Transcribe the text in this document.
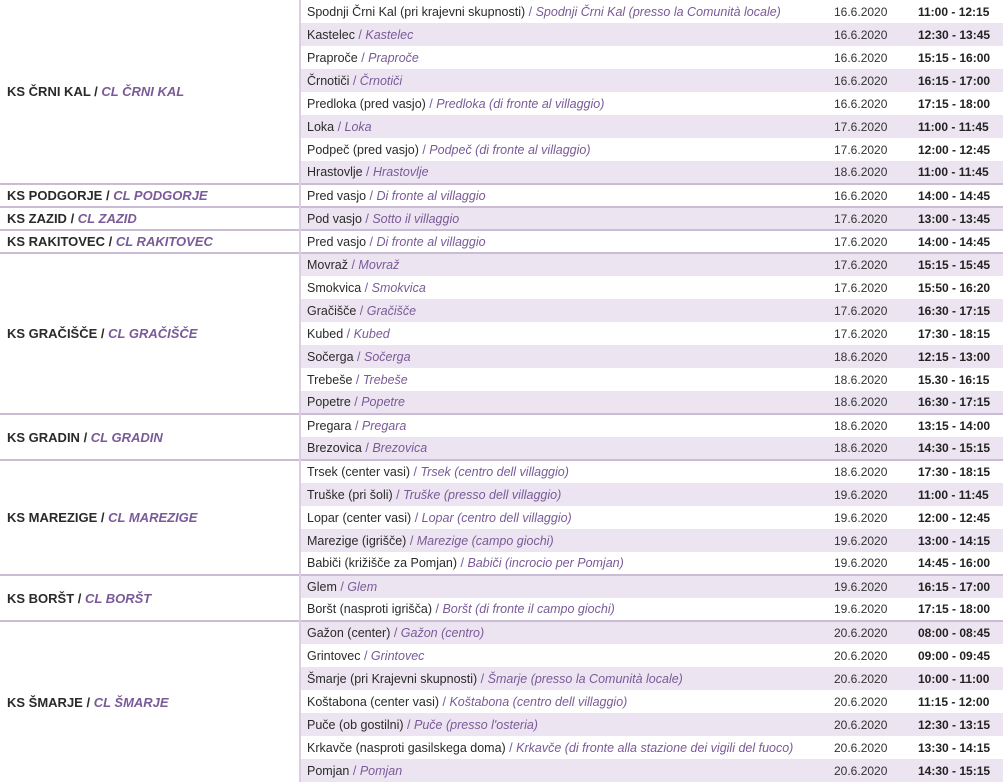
KS ČRNI KAL / CL ČRNI KAL	Spodnji Črni Kal (pri krajevni skupnosti) / Spodnji Črni Kal (presso la Comunità locale)	16.6.2020	11:00 - 12:15
	Kastelec / Kastelec	16.6.2020	12:30 - 13:45
	Praproče / Praproče	16.6.2020	15:15 - 16:00
	Črnotiči / Črnotiči	16.6.2020	16:15 - 17:00
	Predloka (pred vasjo) / Predloka (di fronte al villaggio)	16.6.2020	17:15 - 18:00
	Loka / Loka	17.6.2020	11:00 - 11:45
	Podpeč (pred vasjo) / Podpeč (di fronte al villaggio)	17.6.2020	12:00 - 12:45
	Hrastovlje / Hrastovlje	18.6.2020	11:00 - 11:45
KS PODGORJE / CL PODGORJE	Pred vasjo / Di fronte al villaggio	16.6.2020	14:00 - 14:45
KS ZAZID / CL ZAZID	Pod vasjo / Sotto il villaggio	17.6.2020	13:00 - 13:45
KS RAKITOVEC / CL RAKITOVEC	Pred vasjo / Di fronte al villaggio	17.6.2020	14:00 - 14:45
KS GRAČIŠČE / CL GRAČIŠČE	Movraž / Movraž	17.6.2020	15:15 - 15:45
	Smokvica / Smokvica	17.6.2020	15:50 - 16:20
	Gračišče / Gračišče	17.6.2020	16:30 - 17:15
	Kubed / Kubed	17.6.2020	17:30 - 18:15
	Sočerga / Sočerga	18.6.2020	12:15 - 13:00
	Trebeše / Trebeše	18.6.2020	15.30 - 16:15
	Popetre / Popetre	18.6.2020	16:30 - 17:15
KS GRADIN / CL GRADIN	Pregara / Pregara	18.6.2020	13:15 - 14:00
	Brezovica / Brezovica	18.6.2020	14:30 - 15:15
KS MAREZIGE / CL MAREZIGE	Trsek (center vasi) / Trsek (centro dell villaggio)	18.6.2020	17:30 - 18:15
	Truške (pri šoli) / Truške (presso dell villaggio)	19.6.2020	11:00 - 11:45
	Lopar (center vasi) / Lopar (centro dell villaggio)	19.6.2020	12:00 - 12:45
	Marezige (igrišče) / Marezige (campo giochi)	19.6.2020	13:00 - 14:15
	Babiči (križišče za Pomjan) / Babiči (incrocio per Pomjan)	19.6.2020	14:45 - 16:00
KS BORŠT / CL BORŠT	Glem / Glem	19.6.2020	16:15 - 17:00
	Boršt (nasproti igrišča) / Boršt (di fronte il campo giochi)	19.6.2020	17:15 - 18:00
KS ŠMARJE / CL ŠMARJE	Gažon (center) / Gažon (centro)	20.6.2020	08:00 - 08:45
	Grintovec / Grintovec	20.6.2020	09:00 - 09:45
	Šmarje (pri Krajevni skupnosti) / Šmarje (presso la Comunità locale)	20.6.2020	10:00 - 11:00
	Koštabona (center vasi) / Koštabona (centro dell villaggio)	20.6.2020	11:15 - 12:00
	Puče (ob gostilni) / Puče (presso l'osteria)	20.6.2020	12:30 - 13:15
	Krkavče (nasproti gasilskega doma) / Krkavče (di fronte alla stazione dei vigili del fuoco)	20.6.2020	13:30 - 14:15
	Pomjan / Pomjan	20.6.2020	14:30 - 15:15
